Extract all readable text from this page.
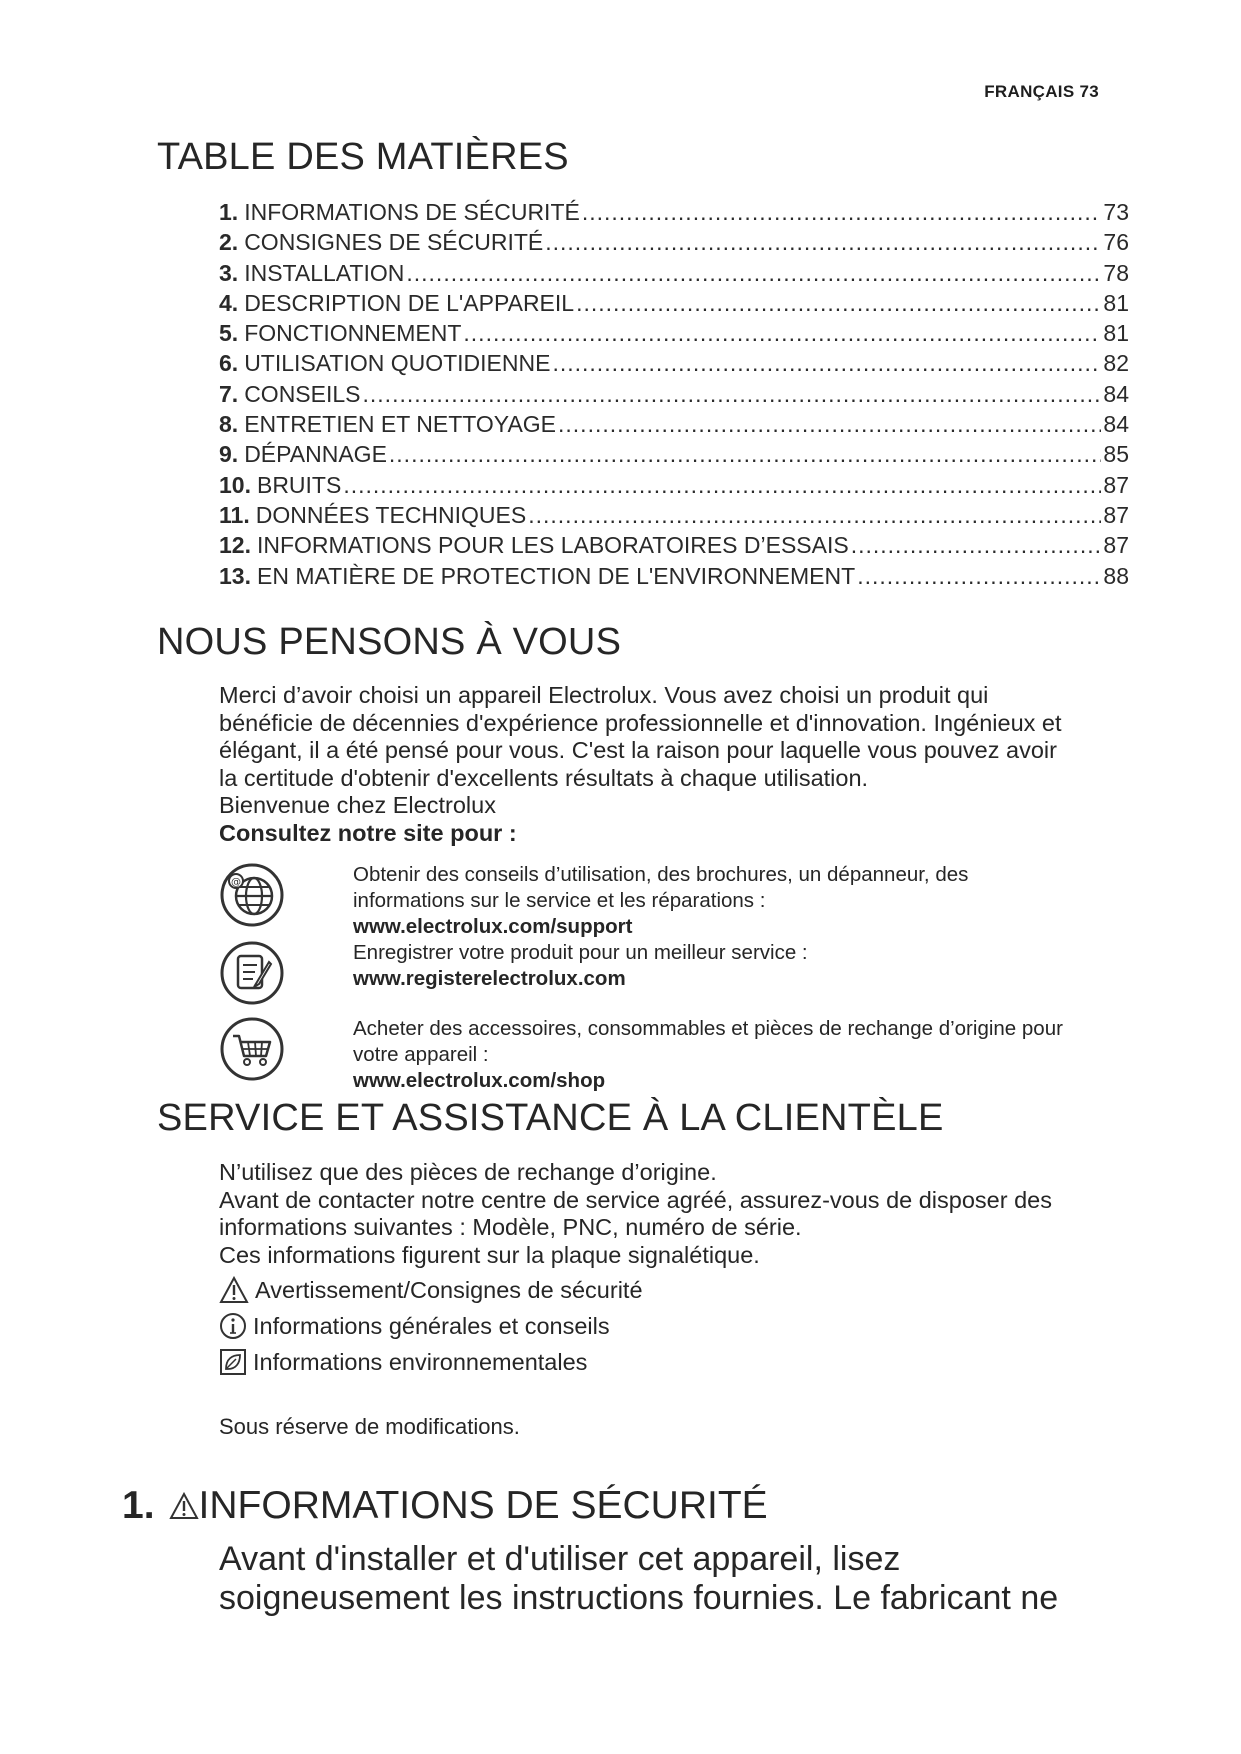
FRANÇAIS 73
TABLE DES MATIÈRES
1. INFORMATIONS DE SÉCURITÉ .....	73
2. CONSIGNES DE SÉCURITÉ .....	76
3. INSTALLATION .....	78
4. DESCRIPTION DE L'APPAREIL .....	81
5. FONCTIONNEMENT .....	81
6. UTILISATION QUOTIDIENNE .....	82
7. CONSEILS .....	84
8. ENTRETIEN ET NETTOYAGE .....	84
9. DÉPANNAGE .....	85
10. BRUITS .....	87
11. DONNÉES TECHNIQUES .....	87
12. INFORMATIONS POUR LES LABORATOIRES D’ESSAIS .....	87
13. EN MATIÈRE DE PROTECTION DE L'ENVIRONNEMENT .....	88
NOUS PENSONS À VOUS

Merci d’avoir choisi un appareil Electrolux. Vous avez choisi un produit qui

bénéficie de décennies d'expérience professionnelle et d'innovation. Ingénieux et

élégant, il a été pensé pour vous. C'est la raison pour laquelle vous pouvez avoir

la certitude d'obtenir d'excellents résultats à chaque utilisation.

Bienvenue chez Electrolux

Consultez notre site pour :

@	Obtenir des conseils d’utilisation, des brochures, un dépanneur, des

informations sur le service et les réparations :

www.electrolux.com/support

Enregistrer votre produit pour un meilleur service :

www.registerelectrolux.com

Acheter des accessoires, consommables et pièces de rechange d’origine pour

votre appareil :

www.electrolux.com/shop

SERVICE ET ASSISTANCE À LA CLIENTÈLE

N’utilisez que des pièces de rechange d’origine.

Avant de contacter notre centre de service agréé, assurez-vous de disposer des

informations suivantes : Modèle, PNC, numéro de série.

Ces informations figurent sur la plaque signalétique.

Avertissement/Consignes de sécurité
Informations générales et conseils
Informations environnementales

Sous réserve de modifications.

1. INFORMATIONS DE SÉCURITÉ
Avant d'installer et d'utiliser cet appareil, lisez
soigneusement les instructions fournies. Le fabricant ne
